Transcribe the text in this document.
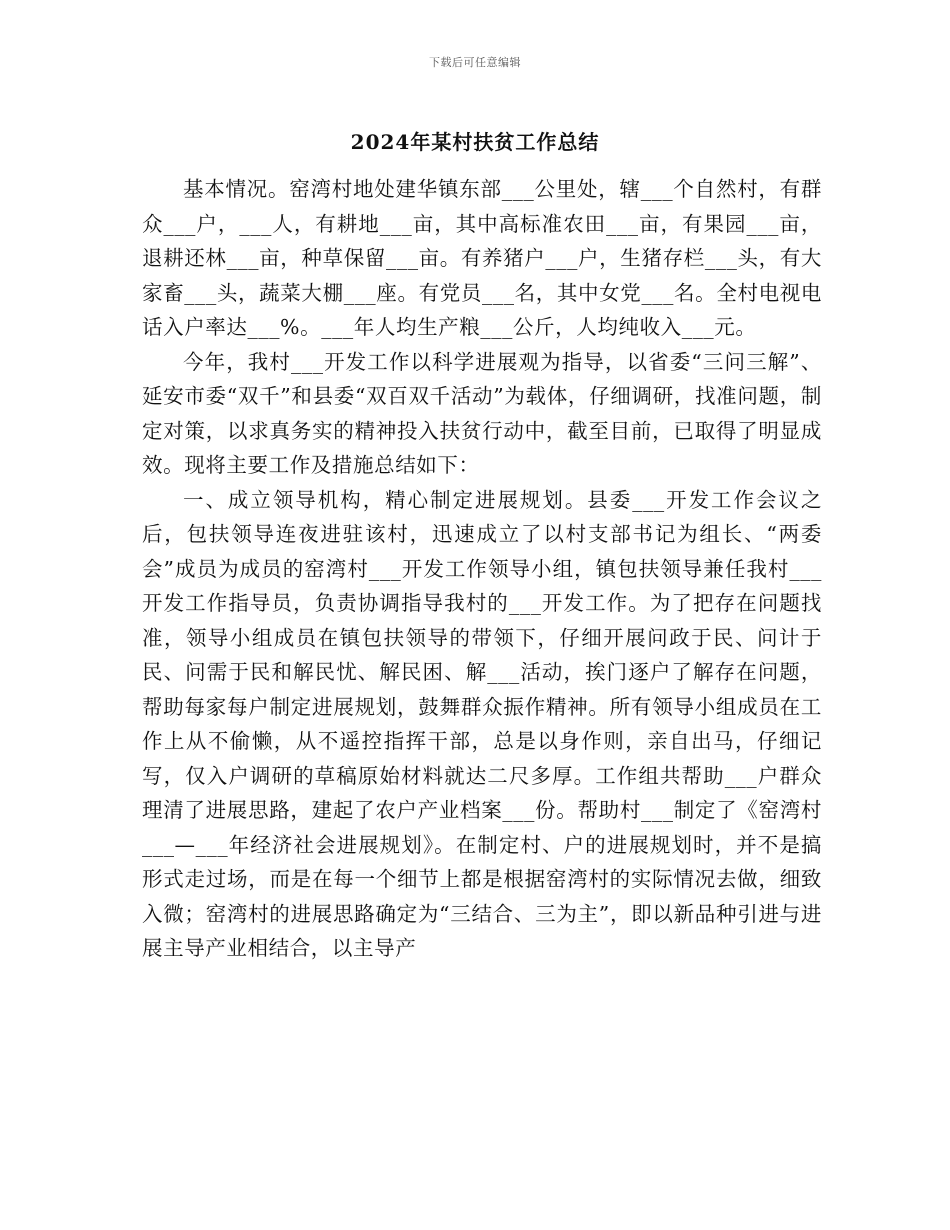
下载后可任意编辑
2024年某村扶贫工作总结

基本情况。窑湾村地处建华镇东部___公里处，辖___个自然村，有群众___户，___人，有耕地___亩，其中高标准农田___亩，有果园___亩，退耕还林___亩，种草保留___亩。有养猪户___户，生猪存栏___头，有大家畜___头，蔬菜大棚___座。有党员___名，其中女党___名。全村电视电话入户率达___%。___年人均生产粮___公斤，人均纯收入___元。

今年，我村___开发工作以科学进展观为指导，以省委“三问三解”、延安市委“双千”和县委“双百双千活动”为载体，仔细调研，找准问题，制定对策，以求真务实的精神投入扶贫行动中，截至目前，已取得了明显成效。现将主要工作及措施总结如下：

一、成立领导机构，精心制定进展规划。县委___开发工作会议之后，包扶领导连夜进驻该村，迅速成立了以村支部书记为组长、“两委会”成员为成员的窑湾村___开发工作领导小组，镇包扶领导兼任我村___开发工作指导员，负责协调指导我村的___开发工作。为了把存在问题找准，领导小组成员在镇包扶领导的带领下，仔细开展问政于民、问计于民、问需于民和解民忧、解民困、解___活动，挨门逐户了解存在问题，帮助每家每户制定进展规划，鼓舞群众振作精神。所有领导小组成员在工作上从不偷懒，从不遥控指挥干部，总是以身作则，亲自出马，仔细记写，仅入户调研的草稿原始材料就达二尺多厚。工作组共帮助___户群众理清了进展思路，建起了农户产业档案___份。帮助村___制定了《窑湾村___—___年经济社会进展规划》。在制定村、户的进展规划时，并不是搞形式走过场，而是在每一个细节上都是根据窑湾村的实际情况去做，细致入微；窑湾村的进展思路确定为“三结合、三为主”，即以新品种引进与进展主导产业相结合，以主导产
